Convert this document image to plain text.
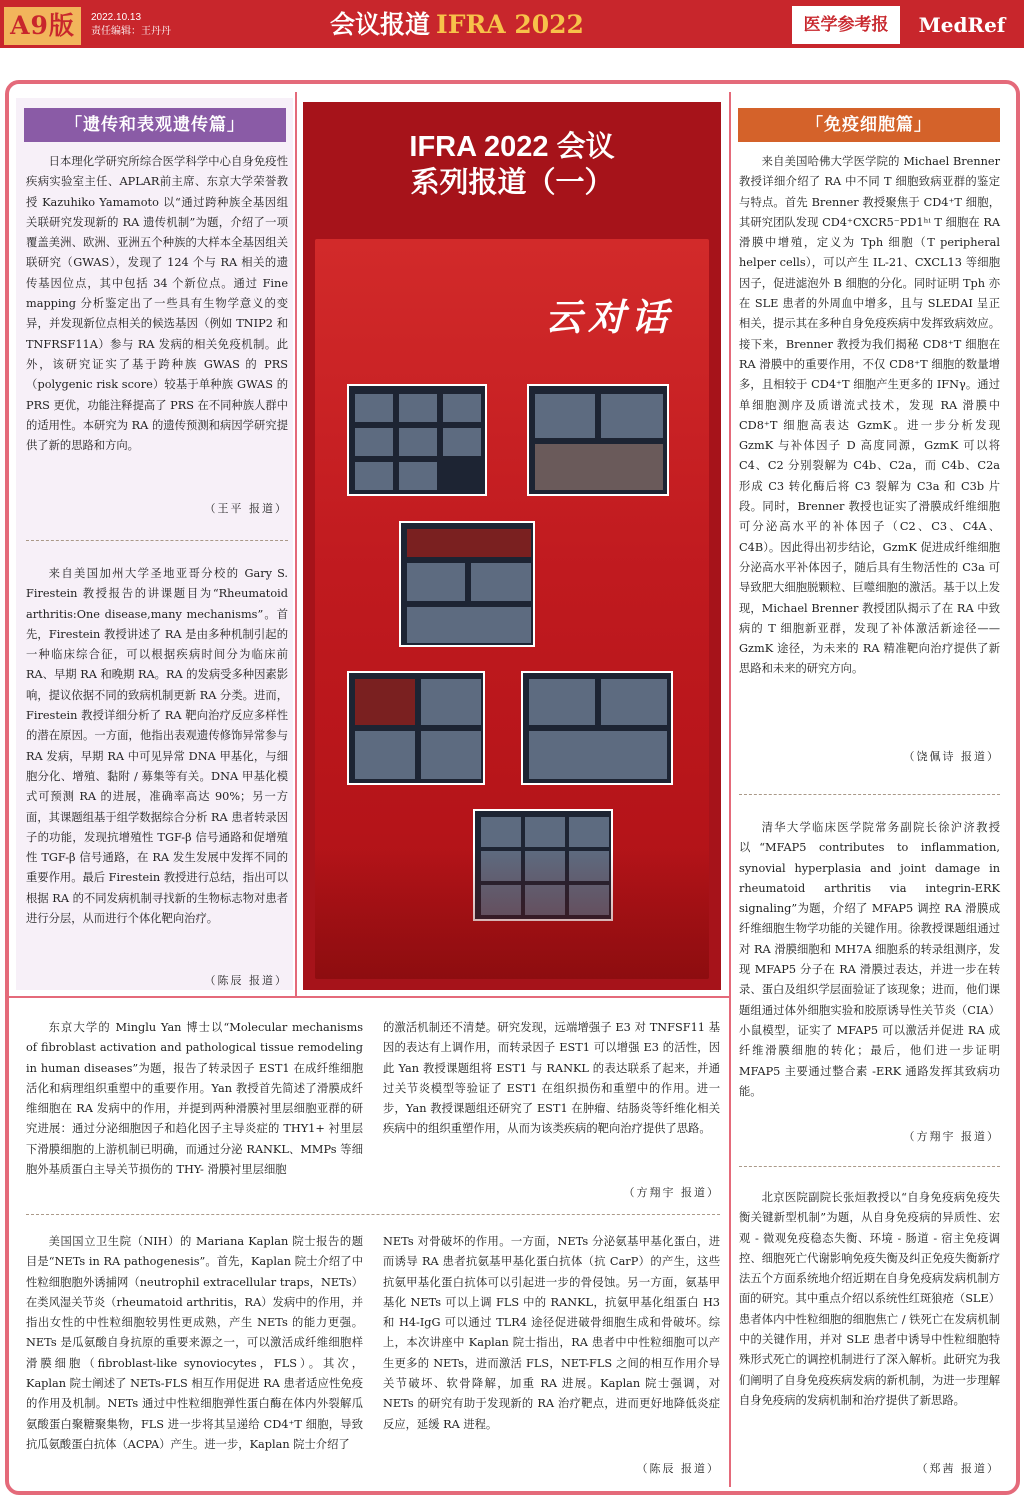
A9版	2022.10.13
责任编辑：王丹丹	会议报道 IFRA 2022	医学参考报	MedRef
「遗传和表观遗传篇」

日本理化学研究所综合医学科学中心自身免疫性疾病实验室主任、APLAR前主席、东京大学荣誉教授 Kazuhiko Yamamoto 以“通过跨种族全基因组关联研究发现新的 RA 遗传机制”为题，介绍了一项覆盖美洲、欧洲、亚洲五个种族的大样本全基因组关联研究（GWAS），发现了 124 个与 RA 相关的遗传基因位点，其中包括 34 个新位点。通过 Fine mapping 分析鉴定出了一些具有生物学意义的变异，并发现新位点相关的候选基因（例如 TNIP2 和 TNFRSF11A）参与 RA 发病的相关免疫机制。此外，该研究证实了基于跨种族 GWAS 的 PRS（polygenic risk score）较基于单种族 GWAS 的 PRS 更优，功能注释提高了 PRS 在不同种族人群中的适用性。本研究为 RA 的遗传预测和病因学研究提供了新的思路和方向。

（王平 报道）

来自美国加州大学圣地亚哥分校的 Gary S. Firestein 教授报告的讲课题目为“Rheumatoid arthritis:One disease,many mechanisms”。首先，Firestein 教授讲述了 RA 是由多种机制引起的一种临床综合征，可以根据疾病时间分为临床前 RA、早期 RA 和晚期 RA。RA 的发病受多种因素影响，提议依据不同的致病机制更新 RA 分类。进而，Firestein 教授详细分析了 RA 靶向治疗反应多样性的潜在原因。一方面，他指出表观遗传修饰异常参与 RA 发病，早期 RA 中可见异常 DNA 甲基化，与细胞分化、增殖、黏附 / 募集等有关。DNA 甲基化模式可预测 RA 的进展，准确率高达 90%；另一方面，其课题组基于组学数据综合分析 RA 患者转录因子的功能，发现抗增殖性 TGF-β 信号通路和促增殖性 TGF-β 信号通路，在 RA 发生发展中发挥不同的重要作用。最后 Firestein 教授进行总结，指出可以根据 RA 的不同发病机制寻找新的生物标志物对患者进行分层，从而进行个体化靶向治疗。

（陈辰 报道）
IFRA 2022 会议
系列报道（一）
云对话
「免疫细胞篇」

来自美国哈佛大学医学院的 Michael Brenner 教授详细介绍了 RA 中不同 T 细胞致病亚群的鉴定与特点。首先 Brenner 教授聚焦于 CD4⁺T 细胞，其研究团队发现 CD4⁺CXCR5⁻PD1ʰⁱ T 细胞在 RA 滑膜中增殖，定义为 Tph 细胞（T peripheral helper cells），可以产生 IL-21、CXCL13 等细胞因子，促进滤泡外 B 细胞的分化。同时证明 Tph 亦在 SLE 患者的外周血中增多，且与 SLEDAI 呈正相关，提示其在多种自身免疫疾病中发挥致病效应。接下来，Brenner 教授为我们揭秘 CD8⁺T 细胞在 RA 滑膜中的重要作用，不仅 CD8⁺T 细胞的数量增多，且相较于 CD4⁺T 细胞产生更多的 IFNγ。通过单细胞测序及质谱流式技术，发现 RA 滑膜中 CD8⁺T 细胞高表达 GzmK。进一步分析发现 GzmK 与补体因子 D 高度同源，GzmK 可以将 C4、C2 分别裂解为 C4b、C2a，而 C4b、C2a 形成 C3 转化酶后将 C3 裂解为 C3a 和 C3b 片段。同时，Brenner 教授也证实了滑膜成纤维细胞可分泌高水平的补体因子（C2、C3、C4A、C4B）。因此得出初步结论，GzmK 促进成纤维细胞分泌高水平补体因子，随后具有生物活性的 C3a 可导致肥大细胞脱颗粒、巨噬细胞的激活。基于以上发现，Michael Brenner 教授团队揭示了在 RA 中致病的 T 细胞新亚群，发现了补体激活新途径——GzmK 途径，为未来的 RA 精准靶向治疗提供了新思路和未来的研究方向。

（饶佩诗 报道）

清华大学临床医学院常务副院长徐沪济教授以“MFAP5 contributes to inflammation, synovial hyperplasia and joint damage in rheumatoid arthritis via integrin-ERK signaling”为题，介绍了 MFAP5 调控 RA 滑膜成纤维细胞生物学功能的关键作用。徐教授课题组通过对 RA 滑膜细胞和 MH7A 细胞系的转录组测序，发现 MFAP5 分子在 RA 滑膜过表达，并进一步在转录、蛋白及组织学层面验证了该现象；进而，他们课题组通过体外细胞实验和胶原诱导性关节炎（CIA）小鼠模型，证实了 MFAP5 可以激活并促进 RA 成纤维滑膜细胞的转化；最后，他们进一步证明 MFAP5 主要通过整合素 -ERK 通路发挥其致病功能。

（方翔宇 报道）

北京医院副院长张烜教授以“自身免疫病免疫失衡关键新型机制”为题，从自身免疫病的异质性、宏观 - 微观免疫稳态失衡、环境 - 肠道 - 宿主免疫调控、细胞死亡代谢影响免疫失衡及纠正免疫失衡新疗法五个方面系统地介绍近期在自身免疫病发病机制方面的研究。其中重点介绍以系统性红斑狼疮（SLE）患者体内中性粒细胞的细胞焦亡 / 铁死亡在发病机制中的关键作用，并对 SLE 患者中诱导中性粒细胞特殊形式死亡的调控机制进行了深入解析。此研究为我们阐明了自身免疫疾病发病的新机制，为进一步理解自身免疫病的发病机制和治疗提供了新思路。

（郑茜 报道）

东京大学的 Minglu Yan 博士以“Molecular mechanisms of fibroblast activation and pathological tissue remodeling in human diseases”为题，报告了转录因子 EST1 在成纤维细胞活化和病理组织重塑中的重要作用。Yan 教授首先简述了滑膜成纤维细胞在 RA 发病中的作用，并提到两种滑膜衬里层细胞亚群的研究进展：通过分泌细胞因子和趋化因子主导炎症的 THY1+ 衬里层下滑膜细胞的上游机制已明确，而通过分泌 RANKL、MMPs 等细胞外基质蛋白主导关节损伤的 THY- 滑膜衬里层细胞

的激活机制还不清楚。研究发现，远端增强子 E3 对 TNFSF11 基因的表达有上调作用，而转录因子 EST1 可以增强 E3 的活性，因此 Yan 教授课题组将 EST1 与 RANKL 的表达联系了起来，并通过关节炎模型等验证了 EST1 在组织损伤和重塑中的作用。进一步，Yan 教授课题组还研究了 EST1 在肿瘤、结肠炎等纤维化相关疾病中的组织重塑作用，从而为该类疾病的靶向治疗提供了思路。

（方翔宇 报道）

美国国立卫生院（NIH）的 Mariana Kaplan 院士报告的题目是“NETs in RA pathogenesis”。首先，Kaplan 院士介绍了中性粒细胞胞外诱捕网（neutrophil extracellular traps，NETs）在类风湿关节炎（rheumatoid arthritis，RA）发病中的作用，并指出女性的中性粒细胞较男性更成熟，产生 NETs 的能力更强。NETs 是瓜氨酸自身抗原的重要来源之一，可以激活成纤维细胞样滑膜细胞（fibroblast-like synoviocytes，FLS）。其次，Kaplan 院士阐述了 NETs-FLS 相互作用促进 RA 患者适应性免疫的作用及机制。NETs 通过中性粒细胞弹性蛋白酶在体内外裂解瓜氨酸蛋白聚糖聚集物，FLS 进一步将其呈递给 CD4⁺T 细胞，导致抗瓜氨酸蛋白抗体（ACPA）产生。进一步，Kaplan 院士介绍了

NETs 对骨破坏的作用。一方面，NETs 分泌氨基甲基化蛋白，进而诱导 RA 患者抗氨基甲基化蛋白抗体（抗 CarP）的产生，这些抗氨甲基化蛋白抗体可以引起进一步的骨侵蚀。另一方面，氨基甲基化 NETs 可以上调 FLS 中的 RANKL，抗氨甲基化组蛋白 H3 和 H4-IgG 可以通过 TLR4 途径促进破骨细胞生成和骨破坏。综上，本次讲座中 Kaplan 院士指出，RA 患者中中性粒细胞可以产生更多的 NETs，进而激活 FLS，NET-FLS 之间的相互作用介导关节破坏、软骨降解，加重 RA 进展。Kaplan 院士强调，对 NETs 的研究有助于发现新的 RA 治疗靶点，进而更好地降低炎症反应，延缓 RA 进程。

（陈辰 报道）
